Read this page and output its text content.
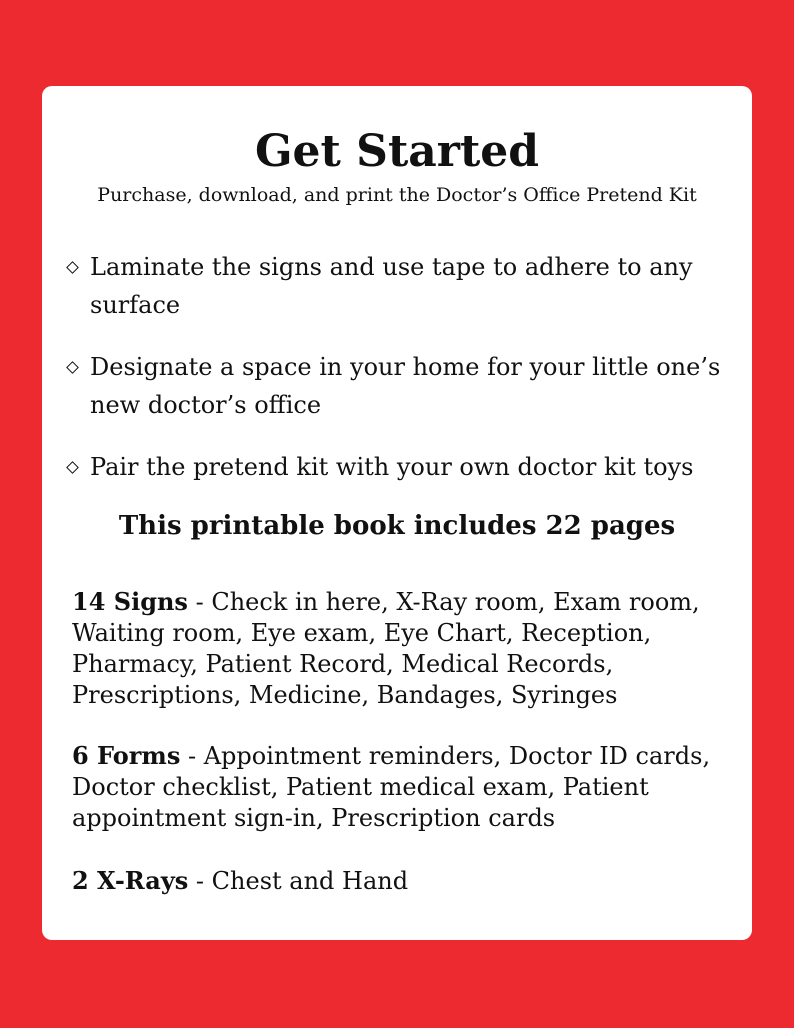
Get Started

Purchase, download, and print the Doctor’s Office Pretend Kit

Laminate the signs and use tape to adhere to any surface
Designate a space in your home for your little one’s new doctor’s office
Pair the pretend kit with your own doctor kit toys
This printable book includes 22 pages

14 Signs - Check in here, X-Ray room, Exam room, Waiting room, Eye exam, Eye Chart, Reception, Pharmacy, Patient Record, Medical Records, Prescriptions, Medicine, Bandages, Syringes

6 Forms - Appointment reminders, Doctor ID cards, Doctor checklist, Patient medical exam, Patient appointment sign-in, Prescription cards

2 X-Rays - Chest and Hand
